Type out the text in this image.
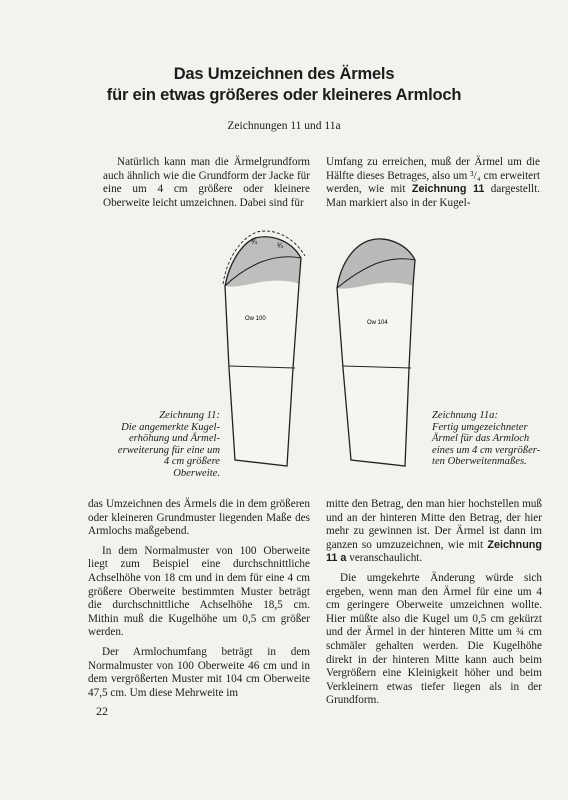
Das Umzeichnen des Ärmels
für ein etwas größeres oder kleineres Armloch
Zeichnungen 11 und 11a

Natürlich kann man die Ärmelgrundform auch ähnlich wie die Grundform der Jacke für eine um 4 cm größere oder kleinere Oberweite leicht umzeichnen. Dabei sind für

Umfang zu erreichen, muß der Ärmel um die Hälfte dieses Betrages, also um ³/₄ cm erweitert werden, wie mit Zeichnung 11 dargestellt. Man markiert also in der Kugel-

Ow 100
¾
¾
Ow 104
Zeichnung 11:
Die angemerkte Kugel-
erhöhung und Ärmel-
erweiterung für eine um
4 cm größere Oberweite.
Zeichnung 11a:
Fertig umgezeichneter
Ärmel für das Armloch
eines um 4 cm vergrößer-
ten Oberweitenmaßes.

das Umzeichnen des Ärmels die in dem größeren oder kleineren Grundmuster liegenden Maße des Armlochs maßgebend.

In dem Normalmuster von 100 Oberweite liegt zum Beispiel eine durchschnittliche Achselhöhe von 18 cm und in dem für eine 4 cm größere Oberweite bestimmten Muster beträgt die durchschnittliche Achselhöhe 18,5 cm. Mithin muß die Kugelhöhe um 0,5 cm größer werden.

Der Armlochumfang beträgt in dem Normalmuster von 100 Oberweite 46 cm und in dem vergrößerten Muster mit 104 cm Oberweite 47,5 cm. Um diese Mehrweite im

mitte den Betrag, den man hier hochstellen muß und an der hinteren Mitte den Betrag, der hier mehr zu gewinnen ist. Der Ärmel ist dann im ganzen so umzuzeichnen, wie mit Zeichnung 11 a veranschaulicht.

Die umgekehrte Änderung würde sich ergeben, wenn man den Ärmel für eine um 4 cm geringere Oberweite umzeichnen wollte. Hier müßte also die Kugel um 0,5 cm gekürzt und der Ärmel in der hinteren Mitte um ¾ cm schmäler gehalten werden. Die Kugelhöhe direkt in der hinteren Mitte kann auch beim Vergrößern eine Kleinigkeit höher und beim Verkleinern etwas tiefer liegen als in der Grundform.

22
